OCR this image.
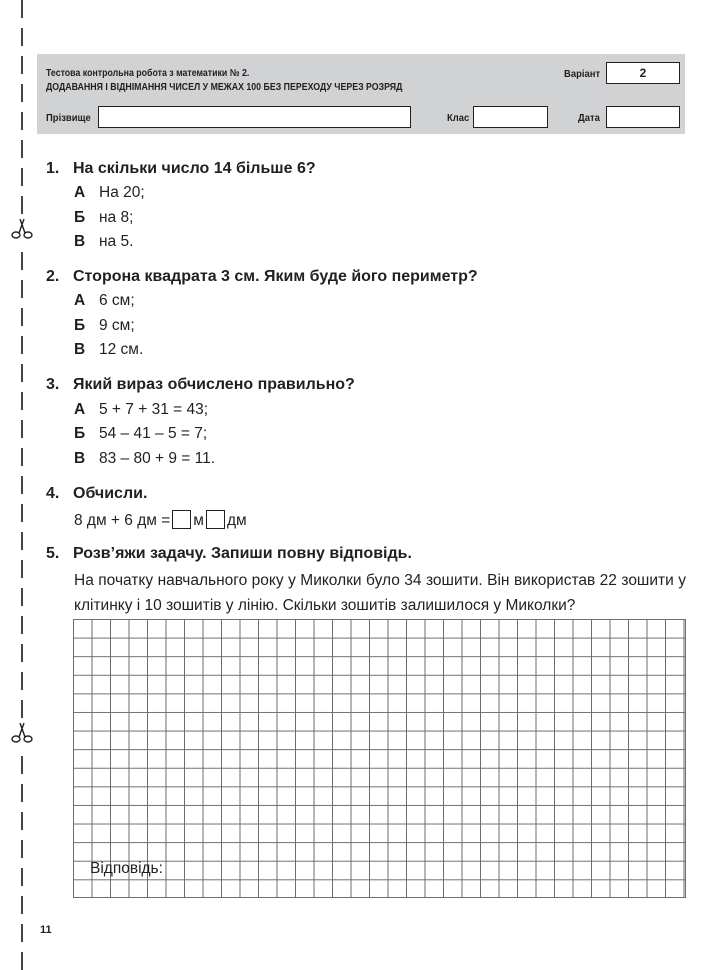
Тестова контрольна робота з математики № 2.
ДОДАВАННЯ І ВІДНІМАННЯ ЧИСЕЛ У МЕЖАХ 100 БЕЗ ПЕРЕХОДУ ЧЕРЕЗ РОЗРЯД
Варіант	2
Прізвище	Клас	Дата
1. На скільки число 14 більше 6?
А На 20;
Б на 8;
В на 5.
2. Сторона квадрата 3 см. Яким буде його периметр?
А 6 см;
Б 9 см;
В 12 см.
3. Який вираз обчислено правильно?
А 5 + 7 + 31 = 43;
Б 54 – 41 – 5 = 7;
В 83 – 80 + 9 = 11.
4. Обчисли.
8 дм + 6 дм = м дм
5. Розв’яжи задачу. Запиши повну відповідь.
На початку навчального року у Миколки було 34 зошити. Він використав 22 зошити у клітинку і 10 зошитів у лінію. Скільки зошитів залишилося у Миколки?
Відповідь:
11
